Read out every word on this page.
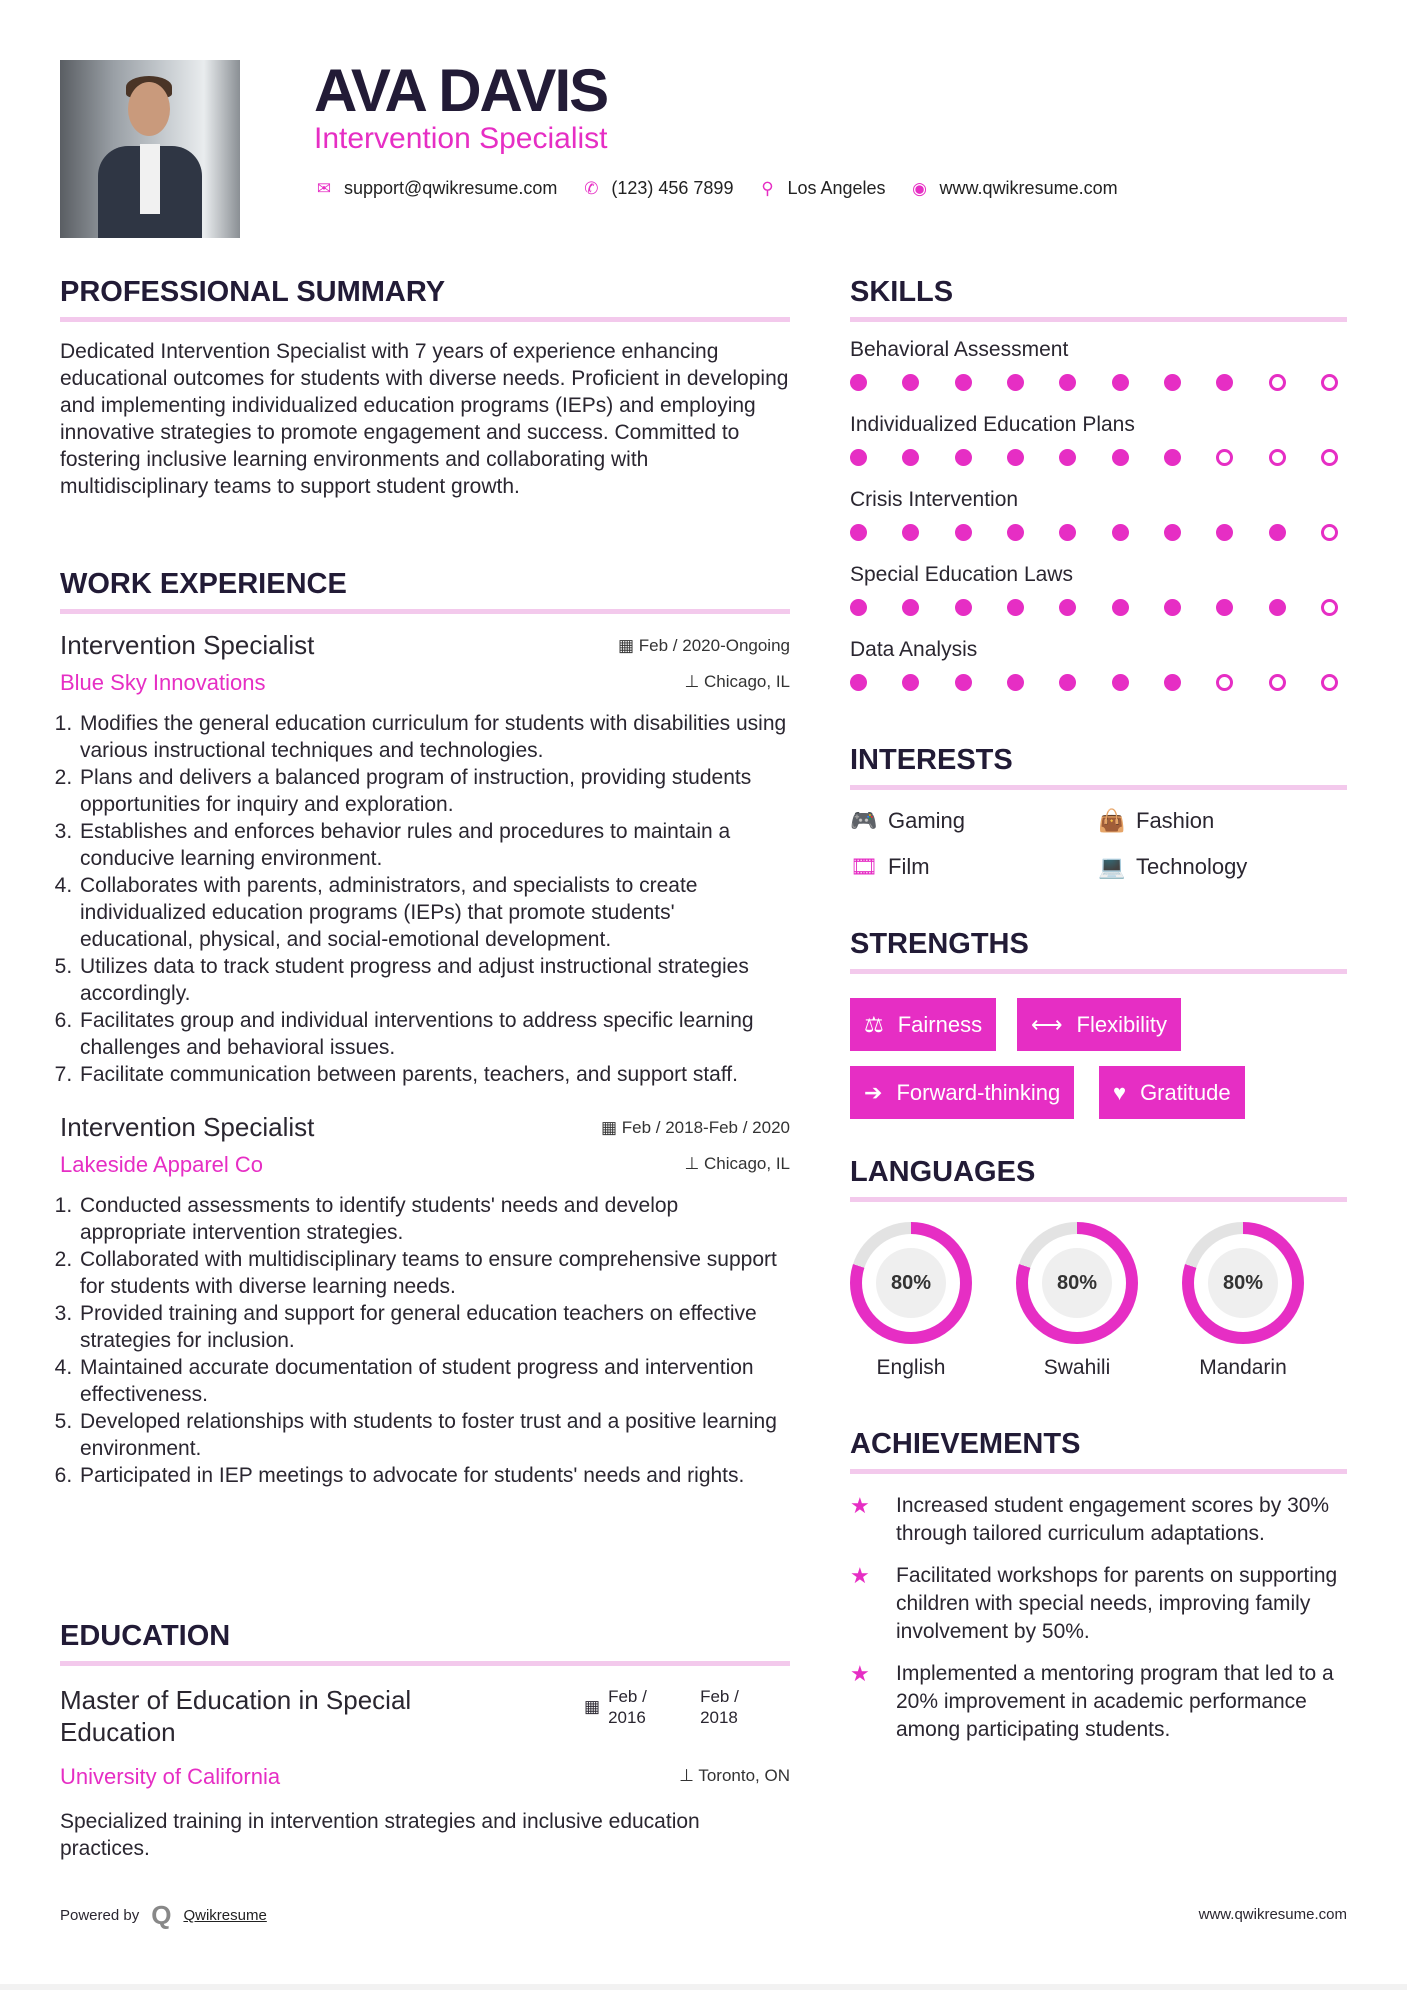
AVA DAVIS
Intervention Specialist
✉ support@qwikresume.com ✆ (123) 456 7899 ⚲ Los Angeles ◉ www.qwikresume.com
PROFESSIONAL SUMMARY
Dedicated Intervention Specialist with 7 years of experience enhancing educational outcomes for students with diverse needs. Proficient in developing and implementing individualized education programs (IEPs) and employing innovative strategies to promote engagement and success. Committed to fostering inclusive learning environments and collaborating with multidisciplinary teams to support student growth.
WORK EXPERIENCE
Intervention Specialist
Blue Sky Innovations
▦ Feb / 2020-Ongoing
⊥ Chicago, IL
1. Modifies the general education curriculum for students with disabilities using various instructional techniques and technologies.
2. Plans and delivers a balanced program of instruction, providing students opportunities for inquiry and exploration.
3. Establishes and enforces behavior rules and procedures to maintain a conducive learning environment.
4. Collaborates with parents, administrators, and specialists to create individualized education programs (IEPs) that promote students' educational, physical, and social-emotional development.
5. Utilizes data to track student progress and adjust instructional strategies accordingly.
6. Facilitates group and individual interventions to address specific learning challenges and behavioral issues.
7. Facilitate communication between parents, teachers, and support staff.
Intervention Specialist
Lakeside Apparel Co
▦ Feb / 2018-Feb / 2020
⊥ Chicago, IL
1. Conducted assessments to identify students' needs and develop appropriate intervention strategies.
2. Collaborated with multidisciplinary teams to ensure comprehensive support for students with diverse learning needs.
3. Provided training and support for general education teachers on effective strategies for inclusion.
4. Maintained accurate documentation of student progress and intervention effectiveness.
5. Developed relationships with students to foster trust and a positive learning environment.
6. Participated in IEP meetings to advocate for students' needs and rights.
EDUCATION
Master of Education in Special Education
▦
Feb / 2016
Feb / 2018
University of California	⊥ Toronto, ON
Specialized training in intervention strategies and inclusive education practices.
SKILLS
Behavioral Assessment
Individualized Education Plans
Crisis Intervention
Special Education Laws
Data Analysis
INTERESTS
🎮 Gaming	👜 Fashion
🎞 Film	💻 Technology
STRENGTHS
⚖ Fairness ⟷ Flexibility
➔ Forward-thinking ♥ Gratitude
LANGUAGES
80%
English
80%
Swahili
80%
Mandarin
ACHIEVEMENTS
★	Increased student engagement scores by 30% through tailored curriculum adaptations.
★	Facilitated workshops for parents on supporting children with special needs, improving family involvement by 50%.
★	Implemented a mentoring program that led to a 20% improvement in academic performance among participating students.
Powered by Q Qwikresume	www.qwikresume.com
